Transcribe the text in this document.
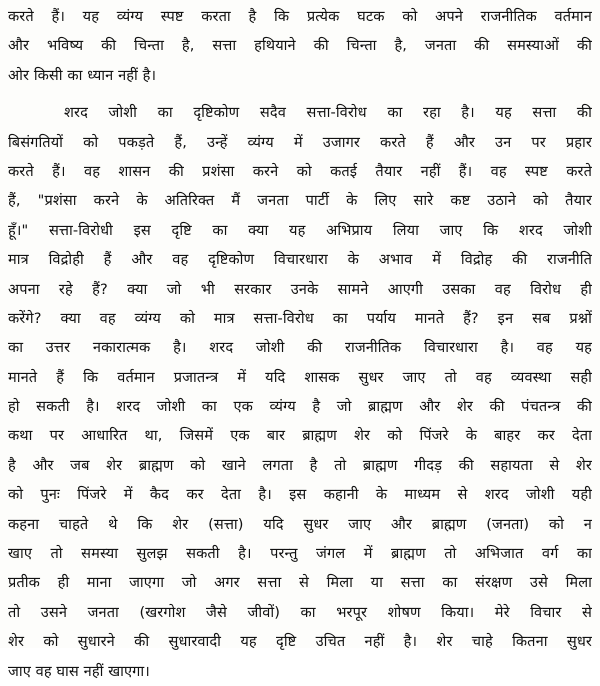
करते हैं। यह व्यंग्य स्पष्ट करता है कि प्रत्येक घटक को अपने राजनीतिक वर्तमान
और भविष्य की चिन्ता है, सत्ता हथियाने की चिन्ता है, जनता की समस्याओं की
ओर किसी का ध्यान नहीं है।
शरद जोशी का दृष्टिकोण सदैव सत्ता-विरोध का रहा है। यह सत्ता की
बिसंगतियों को पकड़ते हैं, उन्हें व्यंग्य में उजागर करते हैं और उन पर प्रहार
करते हैं। वह शासन की प्रशंसा करने को कतई तैयार नहीं हैं। वह स्पष्ट करते
हैं, "प्रशंसा करने के अतिरिक्त मैं जनता पार्टी के लिए सारे कष्ट उठाने को तैयार
हूँ।" सत्ता-विरोधी इस दृष्टि का क्या यह अभिप्राय लिया जाए कि शरद जोशी
मात्र विद्रोही हैं और वह दृष्टिकोण विचारधारा के अभाव में विद्रोह की राजनीति
अपना रहे हैं? क्या जो भी सरकार उनके सामने आएगी उसका वह विरोध ही
करेंगे? क्या वह व्यंग्य को मात्र सत्ता-विरोध का पर्याय मानते हैं? इन सब प्रश्नों
का उत्तर नकारात्मक है। शरद जोशी की राजनीतिक विचारधारा है। वह यह
मानते हैं कि वर्तमान प्रजातन्त्र में यदि शासक सुधर जाए तो वह व्यवस्था सही
हो सकती है। शरद जोशी का एक व्यंग्य है जो ब्राह्मण और शेर की पंचतन्त्र की
कथा पर आधारित था, जिसमें एक बार ब्राह्मण शेर को पिंजरे के बाहर कर देता
है और जब शेर ब्राह्मण को खाने लगता है तो ब्राह्मण गीदड़ की सहायता से शेर
को पुनः पिंजरे में कैद कर देता है। इस कहानी के माध्यम से शरद जोशी यही
कहना चाहते थे कि शेर (सत्ता) यदि सुधर जाए और ब्राह्मण (जनता) को न
खाए तो समस्या सुलझ सकती है। परन्तु जंगल में ब्राह्मण तो अभिजात वर्ग का
प्रतीक ही माना जाएगा जो अगर सत्ता से मिला या सत्ता का संरक्षण उसे मिला
तो उसने जनता (खरगोश जैसे जीवों) का भरपूर शोषण किया। मेरे विचार से
शेर को सुधारने की सुधारवादी यह दृष्टि उचित नहीं है। शेर चाहे कितना सुधर
जाए वह घास नहीं खाएगा।
